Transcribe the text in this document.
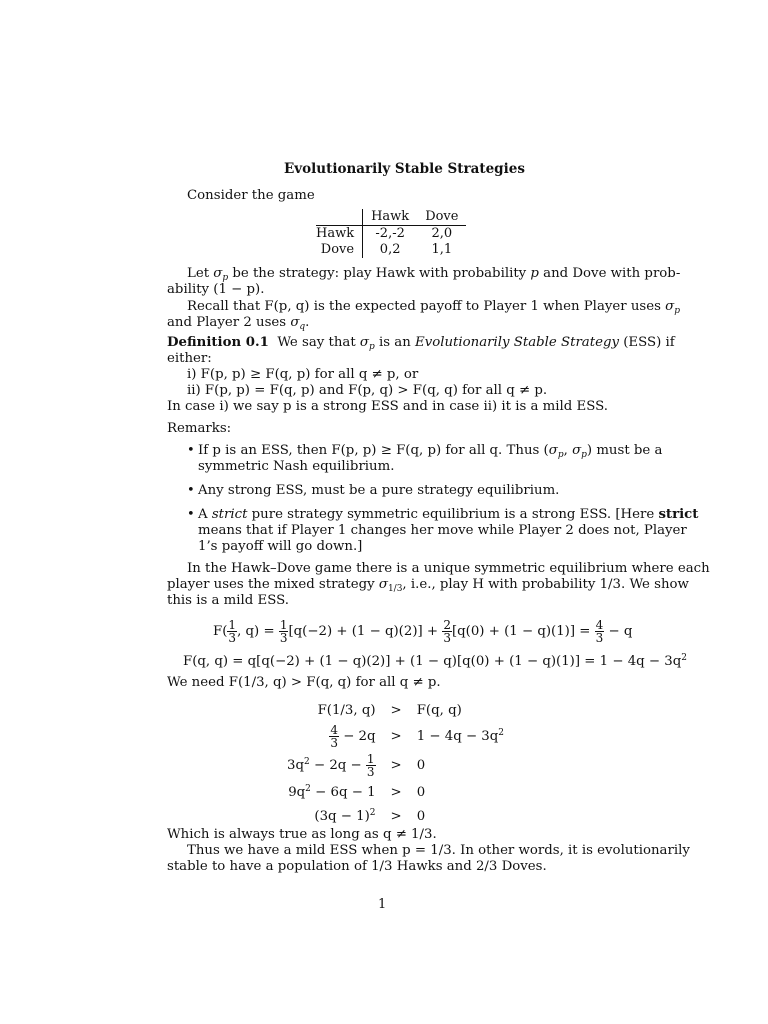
Evolutionarily Stable Strategies
Consider the game
	Hawk	Dove
Hawk	-2,-2	2,0
Dove	0,2	1,1
Let $\sigma_p$ be the strategy: play Hawk with probability p and Dove with prob-
ability (1 − p).
Recall that F(p, q) is the expected payoff to Player 1 when Player uses $\sigma_p$
and Player 2 uses $\sigma_q$.
Definition 0.1 We say that $\sigma_p$ is an Evolutionarily Stable Strategy (ESS) if
either:
i) F(p, p) ≥ F(q, p) for all q ≠ p, or
ii) F(p, p) = F(q, p) and F(p, q) > F(q, q) for all q ≠ p.
In case i) we say p is a strong ESS and in case ii) it is a mild ESS.
Remarks:
• If p is an ESS, then F(p, p) ≥ F(q, p) for all q. Thus ($\sigma_p$, $\sigma_p$) must be a
symmetric Nash equilibrium.
• Any strong ESS, must be a pure strategy equilibrium.
• A strict pure strategy symmetric equilibrium is a strong ESS. [Here strict
means that if Player 1 changes her move while Player 2 does not, Player
1’s payoff will go down.]
In the Hawk–Dove game there is a unique symmetric equilibrium where each
player uses the mixed strategy $\sigma_{1/3}$, i.e., play H with probability 1/3. We show
this is a mild ESS.
$F( \frac{1}{3}$ , $q) = \frac{1}{3} [q(-2) + (1 - q)(2)] + \frac{2}{3} [q(0) + (1 - q)(1)] = \frac{4}{3} - q$
F(q, $q) = q[q(-2) + (1 - q)(2)] + (1 - q)[q(0) + (1 - q)(1)] = 1 - 4q - 3q^2$
We need F(1/3, q) > F(q, q) for all q ≠ p.
F(1/3, q)	>	F(q, q)

$\frac{4}{3} - 2q$	>	$1 - 4q - 3q^2$
$3q^2 - 2q - \frac{1}{3}$	>	0
$9q^2 - 6q - 1$	>	0
$(3q - 1)^2$	>	0
Which is always true as long as q ≠ 1/3.
Thus we have a mild ESS when p = 1/3. In other words, it is evolutionarily
stable to have a population of 1/3 Hawks and 2/3 Doves.
1
